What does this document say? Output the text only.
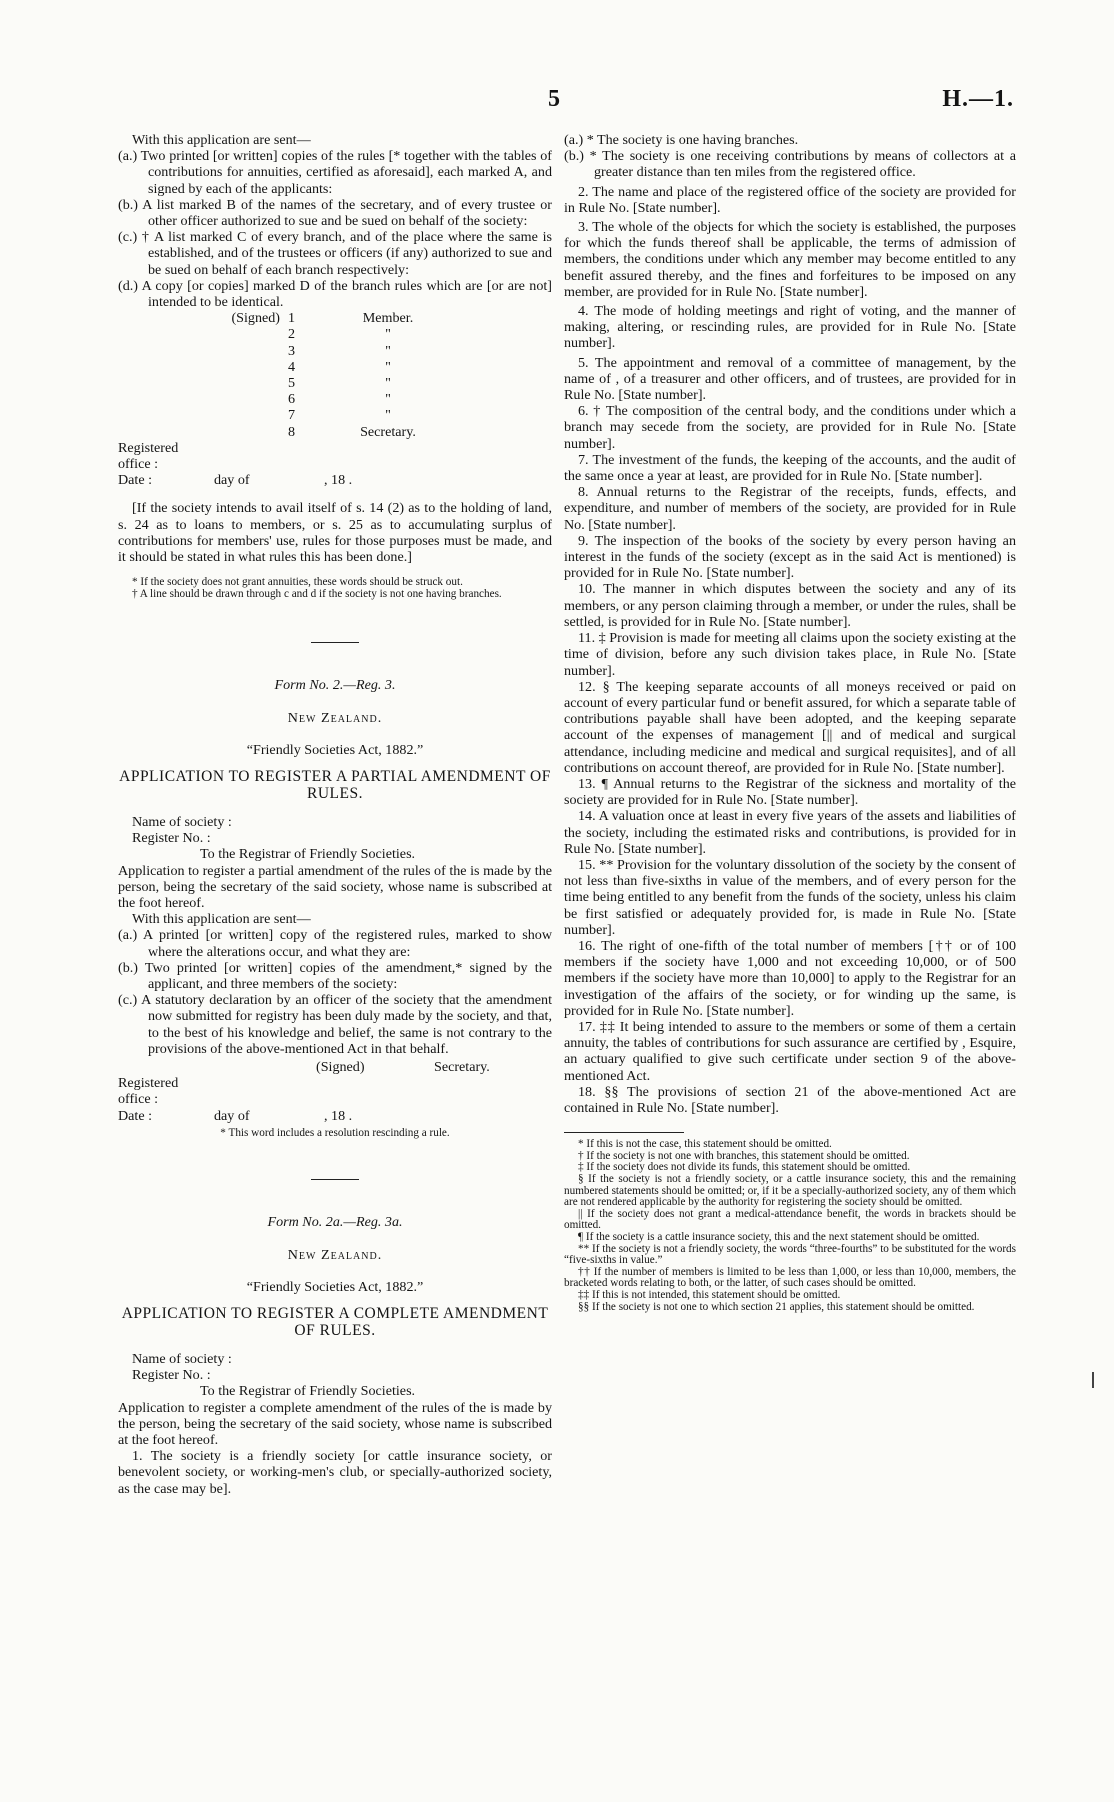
5	H.—1.

With this application are sent—

(a.) Two printed [or written] copies of the rules [* together with the tables of contributions for annuities, certified as aforesaid], each marked A, and signed by each of the applicants:

(b.) A list marked B of the names of the secretary, and of every trustee or other officer authorized to sue and be sued on behalf of the society:

(c.) † A list marked C of every branch, and of the place where the same is established, and of the trustees or officers (if any) authorized to sue and be sued on behalf of each branch respectively:

(d.) A copy [or copies] marked D of the branch rules which are [or are not] intended to be identical.

(Signed) 1	Member.
2	"
3	"
4	"
5	"
6	"
7	"
8	Secretary.
Registered office :
Date :	day of	, 18 .

[If the society intends to avail itself of s. 14 (2) as to the holding of land, s. 24 as to loans to members, or s. 25 as to accumulating surplus of contributions for members' use, rules for those purposes must be made, and it should be stated in what rules this has been done.]

* If the society does not grant annuities, these words should be struck out.

† A line should be drawn through c and d if the society is not one having branches.

Form No. 2.—Reg. 3.

New Zealand.

“Friendly Societies Act, 1882.”

APPLICATION TO REGISTER A PARTIAL AMENDMENT OF RULES.

Name of society :

Register No. :

To the Registrar of Friendly Societies.

Application to register a partial amendment of the rules of the is made by the person, being the secretary of the said society, whose name is subscribed at the foot hereof.

With this application are sent—

(a.) A printed [or written] copy of the registered rules, marked to show where the alterations occur, and what they are:

(b.) Two printed [or written] copies of the amendment,* signed by the applicant, and three members of the society:

(c.) A statutory declaration by an officer of the society that the amendment now submitted for registry has been duly made by the society, and that, to the best of his knowledge and belief, the same is not contrary to the provisions of the above-mentioned Act in that behalf.

(Signed)	Secretary.
Registered office :
Date :	day of	, 18 .

* This word includes a resolution rescinding a rule.

Form No. 2a.—Reg. 3a.

New Zealand.

“Friendly Societies Act, 1882.”

APPLICATION TO REGISTER A COMPLETE AMENDMENT OF RULES.

Name of society :

Register No. :

To the Registrar of Friendly Societies.

Application to register a complete amendment of the rules of the is made by the person, being the secretary of the said society, whose name is subscribed at the foot hereof.

1. The society is a friendly society [or cattle insurance society, or benevolent society, or working-men's club, or specially-authorized society, as the case may be].

(a.) * The society is one having branches.

(b.) * The society is one receiving contributions by means of collectors at a greater distance than ten miles from the registered office.

2. The name and place of the registered office of the society are provided for in Rule No. [State number].

3. The whole of the objects for which the society is established, the purposes for which the funds thereof shall be applicable, the terms of admission of members, the conditions under which any member may become entitled to any benefit assured thereby, and the fines and forfeitures to be imposed on any member, are provided for in Rule No. [State number].

4. The mode of holding meetings and right of voting, and the manner of making, altering, or rescinding rules, are provided for in Rule No. [State number].

5. The appointment and removal of a committee of management, by the name of , of a treasurer and other officers, and of trustees, are provided for in Rule No. [State number].

6. † The composition of the central body, and the conditions under which a branch may secede from the society, are provided for in Rule No. [State number].

7. The investment of the funds, the keeping of the accounts, and the audit of the same once a year at least, are provided for in Rule No. [State number].

8. Annual returns to the Registrar of the receipts, funds, effects, and expenditure, and number of members of the society, are provided for in Rule No. [State number].

9. The inspection of the books of the society by every person having an interest in the funds of the society (except as in the said Act is mentioned) is provided for in Rule No. [State number].

10. The manner in which disputes between the society and any of its members, or any person claiming through a member, or under the rules, shall be settled, is provided for in Rule No. [State number].

11. ‡ Provision is made for meeting all claims upon the society existing at the time of division, before any such division takes place, in Rule No. [State number].

12. § The keeping separate accounts of all moneys received or paid on account of every particular fund or benefit assured, for which a separate table of contributions payable shall have been adopted, and the keeping separate account of the expenses of management [|| and of medical and surgical attendance, including medicine and medical and surgical requisites], and of all contributions on account thereof, are provided for in Rule No. [State number].

13. ¶ Annual returns to the Registrar of the sickness and mortality of the society are provided for in Rule No. [State number].

14. A valuation once at least in every five years of the assets and liabilities of the society, including the estimated risks and contributions, is provided for in Rule No. [State number].

15. ** Provision for the voluntary dissolution of the society by the consent of not less than five-sixths in value of the members, and of every person for the time being entitled to any benefit from the funds of the society, unless his claim be first satisfied or adequately provided for, is made in Rule No. [State number].

16. The right of one-fifth of the total number of members [†† or of 100 members if the society have 1,000 and not exceeding 10,000, or of 500 members if the society have more than 10,000] to apply to the Registrar for an investigation of the affairs of the society, or for winding up the same, is provided for in Rule No. [State number].

17. ‡‡ It being intended to assure to the members or some of them a certain annuity, the tables of contributions for such assurance are certified by , Esquire, an actuary qualified to give such certificate under section 9 of the above-mentioned Act.

18. §§ The provisions of section 21 of the above-mentioned Act are contained in Rule No. [State number].

* If this is not the case, this statement should be omitted.

† If the society is not one with branches, this statement should be omitted.

‡ If the society does not divide its funds, this statement should be omitted.

§ If the society is not a friendly society, or a cattle insurance society, this and the remaining numbered statements should be omitted; or, if it be a specially-authorized society, any of them which are not rendered applicable by the authority for registering the society should be omitted.

|| If the society does not grant a medical-attendance benefit, the words in brackets should be omitted.

¶ If the society is a cattle insurance society, this and the next statement should be omitted.

** If the society is not a friendly society, the words “three-fourths” to be substituted for the words “five-sixths in value.”

†† If the number of members is limited to be less than 1,000, or less than 10,000, members, the bracketed words relating to both, or the latter, of such cases should be omitted.

‡‡ If this is not intended, this statement should be omitted.

§§ If the society is not one to which section 21 applies, this statement should be omitted.
